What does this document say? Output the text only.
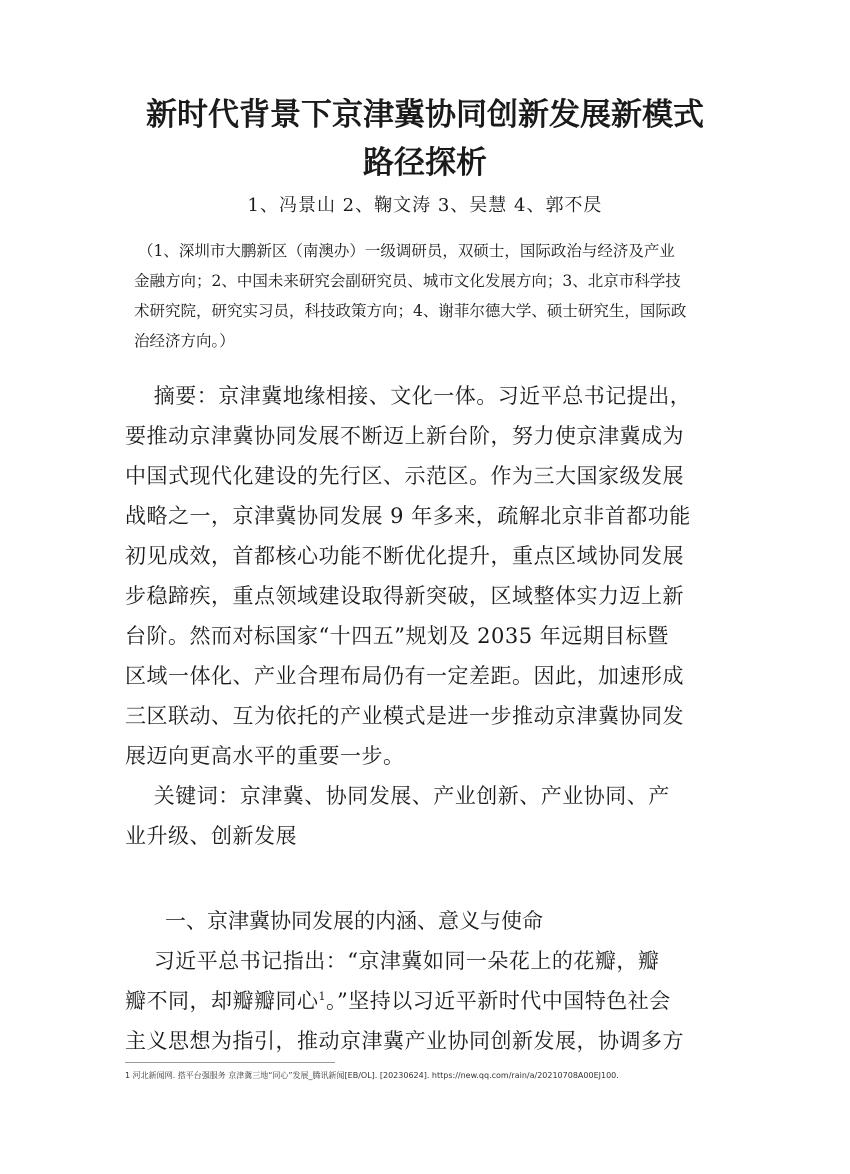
新时代背景下京津冀协同创新发展新模式
路径探析
1、冯景山 2、鞠文涛 3、吴慧 4、郭不昃
（1、深圳市大鹏新区（南澳办）一级调研员，双硕士，国际政治与经济及产业
金融方向；2、中国未来研究会副研究员、城市文化发展方向；3、北京市科学技
术研究院，研究实习员，科技政策方向；4、谢菲尔德大学、硕士研究生，国际政
治经济方向。）
摘要：京津冀地缘相接、文化一体。习近平总书记提出，
要推动京津冀协同发展不断迈上新台阶，努力使京津冀成为
中国式现代化建设的先行区、示范区。作为三大国家级发展
战略之一，京津冀协同发展 9 年多来，疏解北京非首都功能
初见成效，首都核心功能不断优化提升，重点区域协同发展
步稳蹄疾，重点领域建设取得新突破，区域整体实力迈上新
台阶。然而对标国家“十四五”规划及 2035 年远期目标暨
区域一体化、产业合理布局仍有一定差距。因此，加速形成
三区联动、互为依托的产业模式是进一步推动京津冀协同发
展迈向更高水平的重要一步。
关键词：京津冀、协同发展、产业创新、产业协同、产
业升级、创新发展
一、京津冀协同发展的内涵、意义与使命
习近平总书记指出：“京津冀如同一朵花上的花瓣，瓣
瓣不同，却瓣瓣同心$^1$。”坚持以习近平新时代中国特色社会
主义思想为指引，推动京津冀产业协同创新发展，协调多方
1 河北新闻网. 搭平台强服务 京津冀三地“同心”发展_腾讯新闻[EB/OL]. [20230624]. https://new.qq.com/rain/a/20210708A00EJ100.
